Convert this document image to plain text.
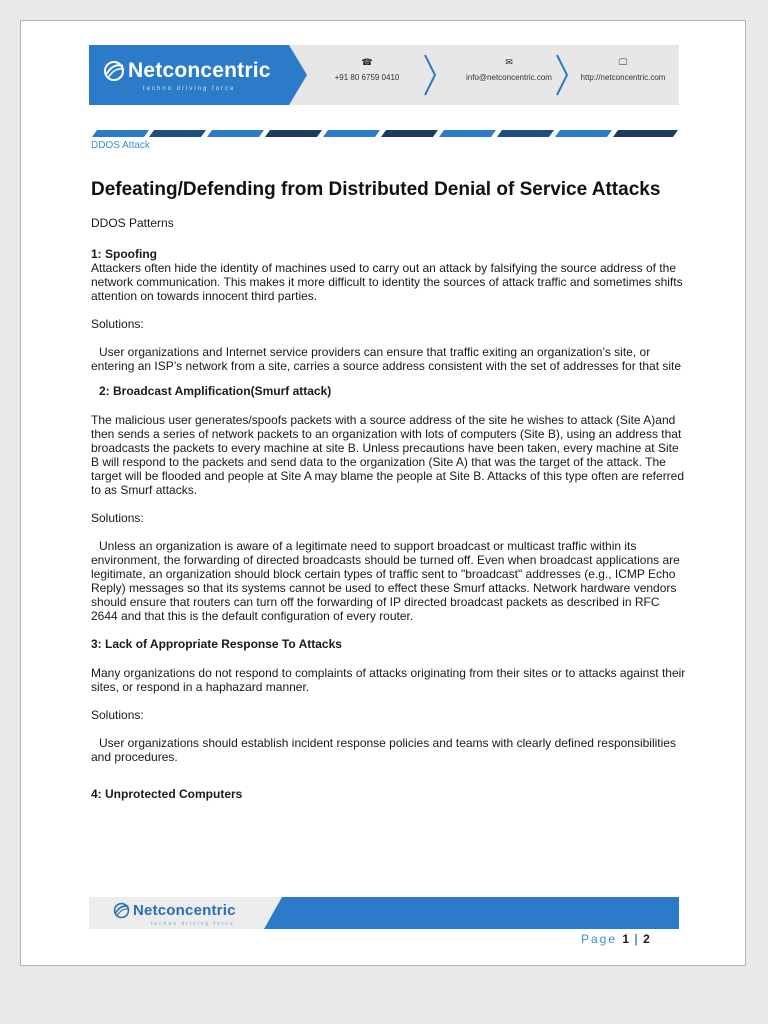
Netconcentric
techno driving force
☎
+91 80 6759 0410
✉
info@netconcentric.com
🖵
http://netconcentric.com
DDOS Attack
Defeating/Defending from Distributed Denial of Service Attacks

DDOS Patterns

1: Spoofing

Attackers often hide the identity of machines used to carry out an attack by falsifying the source address of the network communication. This makes it more difficult to identity the sources of attack traffic and sometimes shifts attention on towards innocent third parties.

Solutions:

User organizations and Internet service providers can ensure that traffic exiting an organization’s site, or entering an ISP’s network from a site, carries a source address consistent with the set of addresses for that site

2: Broadcast Amplification(Smurf attack)

The malicious user generates/spoofs packets with a source address of the site he wishes to attack (Site A)and then sends a series of network packets to an organization with lots of computers (Site B), using an address that broadcasts the packets to every machine at site B. Unless precautions have been taken, every machine at Site B will respond to the packets and send data to the organization (Site A) that was the target of the attack. The target will be flooded and people at Site A may blame the people at Site B. Attacks of this type often are referred to as Smurf attacks.

Solutions:

Unless an organization is aware of a legitimate need to support broadcast or multicast traffic within its environment, the forwarding of directed broadcasts should be turned off. Even when broadcast applications are legitimate, an organization should block certain types of traffic sent to "broadcast" addresses (e.g., ICMP Echo Reply) messages so that its systems cannot be used to effect these Smurf attacks. Network hardware vendors should ensure that routers can turn off the forwarding of IP directed broadcast packets as described in RFC 2644 and that this is the default configuration of every router.

3: Lack of Appropriate Response To Attacks

Many organizations do not respond to complaints of attacks originating from their sites or to attacks against their sites, or respond in a haphazard manner.

Solutions:

User organizations should establish incident response policies and teams with clearly defined responsibilities and procedures.

4: Unprotected Computers

Netconcentric
techno driving force
Page 1 | 2
